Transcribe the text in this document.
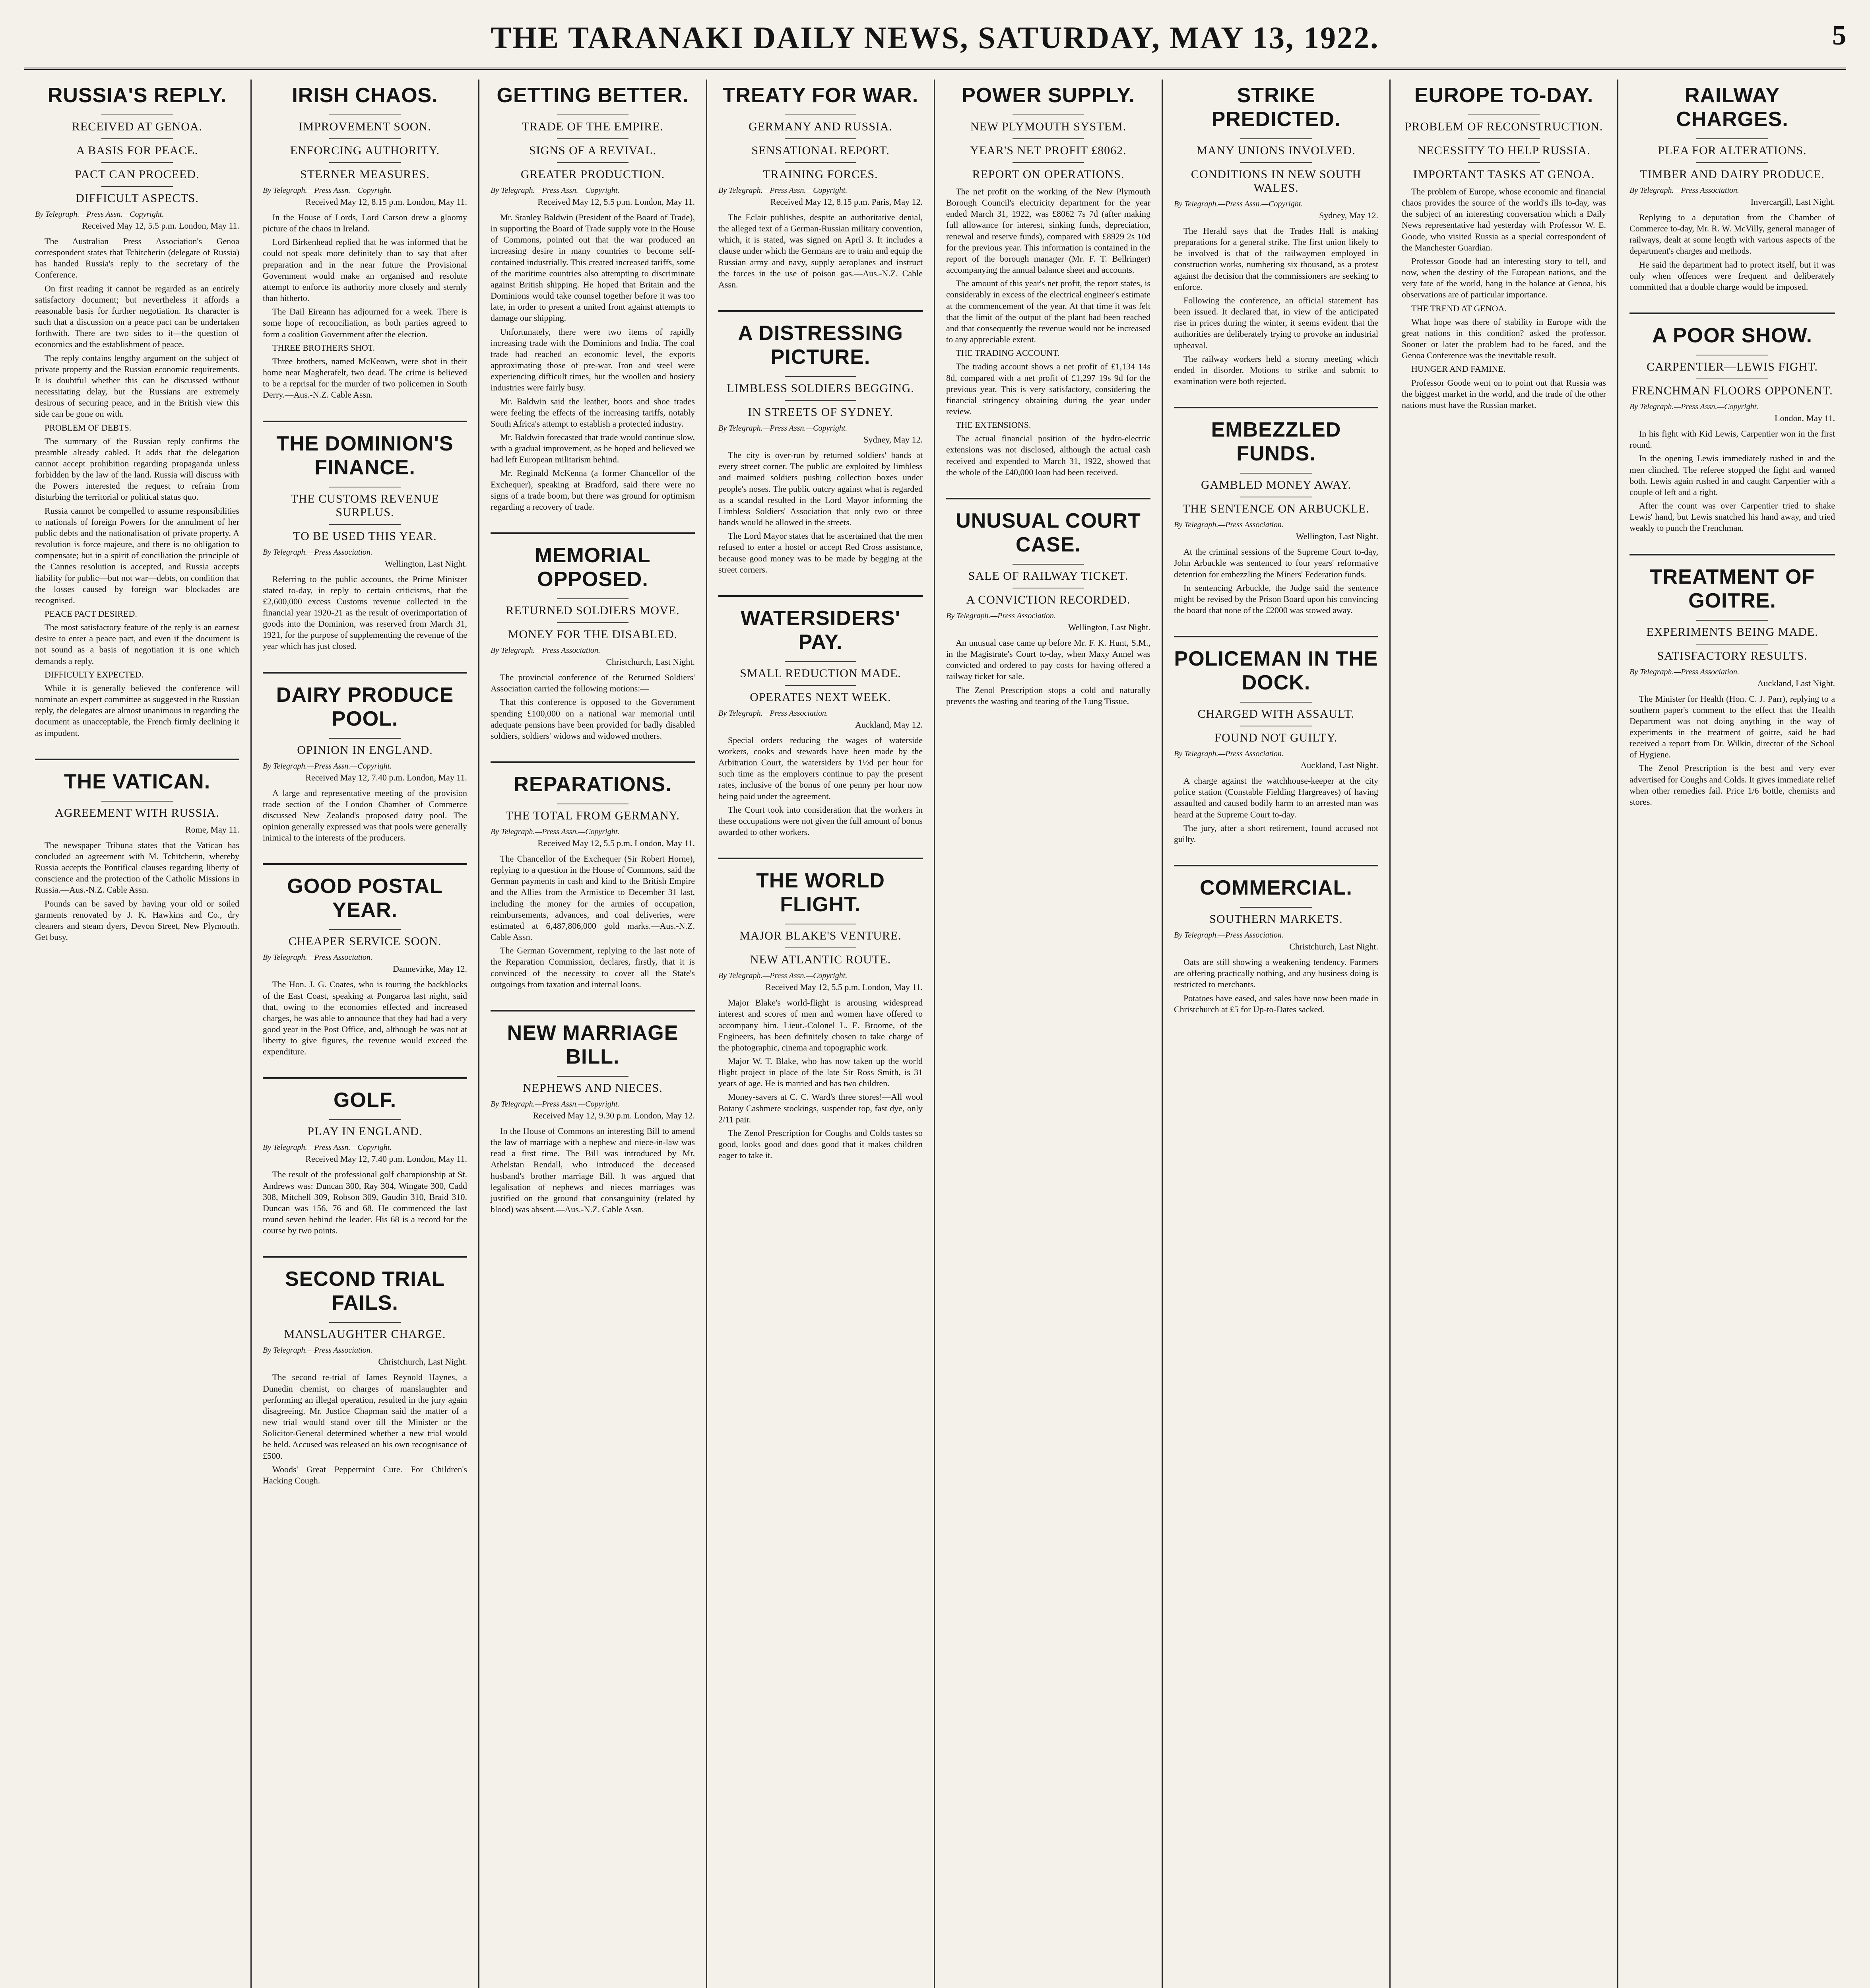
THE TARANAKI DAILY NEWS, SATURDAY, MAY 13, 1922.	5
RUSSIA'S REPLY.
RECEIVED AT GENOA.
A BASIS FOR PEACE.
PACT CAN PROCEED.
DIFFICULT ASPECTS.
By Telegraph.—Press Assn.—Copyright.
Received May 12, 5.5 p.m. London, May 11.

The Australian Press Association's Genoa correspondent states that Tchitcherin (delegate of Russia) has handed Russia's reply to the secretary of the Conference.

On first reading it cannot be regarded as an entirely satisfactory document; but nevertheless it affords a reasonable basis for further negotiation. Its character is such that a discussion on a peace pact can be undertaken forthwith. There are two sides to it—the question of economics and the establishment of peace.

The reply contains lengthy argument on the subject of private property and the Russian economic requirements. It is doubtful whether this can be discussed without necessitating delay, but the Russians are extremely desirous of securing peace, and in the British view this side can be gone on with.

PROBLEM OF DEBTS.

The summary of the Russian reply confirms the preamble already cabled. It adds that the delegation cannot accept prohibition regarding propaganda unless forbidden by the law of the land. Russia will discuss with the Powers interested the request to refrain from disturbing the territorial or political status quo.

Russia cannot be compelled to assume responsibilities to nationals of foreign Powers for the annulment of her public debts and the nationalisation of private property. A revolution is force majeure, and there is no obligation to compensate; but in a spirit of conciliation the principle of the Cannes resolution is accepted, and Russia accepts liability for public—but not war—debts, on condition that the losses caused by foreign war blockades are recognised.

PEACE PACT DESIRED.

The most satisfactory feature of the reply is an earnest desire to enter a peace pact, and even if the document is not sound as a basis of negotiation it is one which demands a reply.

DIFFICULTY EXPECTED.

While it is generally believed the conference will nominate an expert committee as suggested in the Russian reply, the delegates are almost unanimous in regarding the document as unacceptable, the French firmly declining it as impudent.

THE VATICAN.
AGREEMENT WITH RUSSIA.
Rome, May 11.

The newspaper Tribuna states that the Vatican has concluded an agreement with M. Tchitcherin, whereby Russia accepts the Pontifical clauses regarding liberty of conscience and the protection of the Catholic Missions in Russia.—Aus.-N.Z. Cable Assn.

Pounds can be saved by having your old or soiled garments renovated by J. K. Hawkins and Co., dry cleaners and steam dyers, Devon Street, New Plymouth. Get busy.

IRISH CHAOS.
IMPROVEMENT SOON.
ENFORCING AUTHORITY.
STERNER MEASURES.
By Telegraph.—Press Assn.—Copyright.
Received May 12, 8.15 p.m. London, May 11.

In the House of Lords, Lord Carson drew a gloomy picture of the chaos in Ireland.

Lord Birkenhead replied that he was informed that he could not speak more definitely than to say that after preparation and in the near future the Provisional Government would make an organised and resolute attempt to enforce its authority more closely and sternly than hitherto.

The Dail Eireann has adjourned for a week. There is some hope of reconciliation, as both parties agreed to form a coalition Government after the election.

THREE BROTHERS SHOT.

Three brothers, named McKeown, were shot in their home near Magherafelt, two dead. The crime is believed to be a reprisal for the murder of two policemen in South Derry.—Aus.-N.Z. Cable Assn.

THE DOMINION'S FINANCE.
THE CUSTOMS REVENUE SURPLUS.
TO BE USED THIS YEAR.
By Telegraph.—Press Association.
Wellington, Last Night.

Referring to the public accounts, the Prime Minister stated to-day, in reply to certain criticisms, that the £2,600,000 excess Customs revenue collected in the financial year 1920-21 as the result of overimportation of goods into the Dominion, was reserved from March 31, 1921, for the purpose of supplementing the revenue of the year which has just closed.

DAIRY PRODUCE POOL.
OPINION IN ENGLAND.
By Telegraph.—Press Assn.—Copyright.
Received May 12, 7.40 p.m. London, May 11.

A large and representative meeting of the provision trade section of the London Chamber of Commerce discussed New Zealand's proposed dairy pool. The opinion generally expressed was that pools were generally inimical to the interests of the producers.

GOOD POSTAL YEAR.
CHEAPER SERVICE SOON.
By Telegraph.—Press Association.
Dannevirke, May 12.

The Hon. J. G. Coates, who is touring the backblocks of the East Coast, speaking at Pongaroa last night, said that, owing to the economies effected and increased charges, he was able to announce that they had had a very good year in the Post Office, and, although he was not at liberty to give figures, the revenue would exceed the expenditure.

GOLF.
PLAY IN ENGLAND.
By Telegraph.—Press Assn.—Copyright.
Received May 12, 7.40 p.m. London, May 11.

The result of the professional golf championship at St. Andrews was: Duncan 300, Ray 304, Wingate 300, Cadd 308, Mitchell 309, Robson 309, Gaudin 310, Braid 310. Duncan was 156, 76 and 68. He commenced the last round seven behind the leader. His 68 is a record for the course by two points.

SECOND TRIAL FAILS.
MANSLAUGHTER CHARGE.
By Telegraph.—Press Association.
Christchurch, Last Night.

The second re-trial of James Reynold Haynes, a Dunedin chemist, on charges of manslaughter and performing an illegal operation, resulted in the jury again disagreeing. Mr. Justice Chapman said the matter of a new trial would stand over till the Minister or the Solicitor-General determined whether a new trial would be held. Accused was released on his own recognisance of £500.

Woods' Great Peppermint Cure. For Children's Hacking Cough.

GETTING BETTER.
TRADE OF THE EMPIRE.
SIGNS OF A REVIVAL.
GREATER PRODUCTION.
By Telegraph.—Press Assn.—Copyright.
Received May 12, 5.5 p.m. London, May 11.

Mr. Stanley Baldwin (President of the Board of Trade), in supporting the Board of Trade supply vote in the House of Commons, pointed out that the war produced an increasing desire in many countries to become self-contained industrially. This created increased tariffs, some of the maritime countries also attempting to discriminate against British shipping. He hoped that Britain and the Dominions would take counsel together before it was too late, in order to present a united front against attempts to damage our shipping.

Unfortunately, there were two items of rapidly increasing trade with the Dominions and India. The coal trade had reached an economic level, the exports approximating those of pre-war. Iron and steel were experiencing difficult times, but the woollen and hosiery industries were fairly busy.

Mr. Baldwin said the leather, boots and shoe trades were feeling the effects of the increasing tariffs, notably South Africa's attempt to establish a protected industry.

Mr. Baldwin forecasted that trade would continue slow, with a gradual improvement, as he hoped and believed we had left European militarism behind.

Mr. Reginald McKenna (a former Chancellor of the Exchequer), speaking at Bradford, said there were no signs of a trade boom, but there was ground for optimism regarding a recovery of trade.

MEMORIAL OPPOSED.
RETURNED SOLDIERS MOVE.
MONEY FOR THE DISABLED.
By Telegraph.—Press Association.
Christchurch, Last Night.

The provincial conference of the Returned Soldiers' Association carried the following motions:—

That this conference is opposed to the Government spending £100,000 on a national war memorial until adequate pensions have been provided for badly disabled soldiers, soldiers' widows and widowed mothers.

REPARATIONS.
THE TOTAL FROM GERMANY.
By Telegraph.—Press Assn.—Copyright.
Received May 12, 5.5 p.m. London, May 11.

The Chancellor of the Exchequer (Sir Robert Horne), replying to a question in the House of Commons, said the German payments in cash and kind to the British Empire and the Allies from the Armistice to December 31 last, including the money for the armies of occupation, reimbursements, advances, and coal deliveries, were estimated at 6,487,806,000 gold marks.—Aus.-N.Z. Cable Assn.

The German Government, replying to the last note of the Reparation Commission, declares, firstly, that it is convinced of the necessity to cover all the State's outgoings from taxation and internal loans.

NEW MARRIAGE BILL.
NEPHEWS AND NIECES.
By Telegraph.—Press Assn.—Copyright.
Received May 12, 9.30 p.m. London, May 12.

In the House of Commons an interesting Bill to amend the law of marriage with a nephew and niece-in-law was read a first time. The Bill was introduced by Mr. Athelstan Rendall, who introduced the deceased husband's brother marriage Bill. It was argued that legalisation of nephews and nieces marriages was justified on the ground that consanguinity (related by blood) was absent.—Aus.-N.Z. Cable Assn.

TREATY FOR WAR.
GERMANY AND RUSSIA.
SENSATIONAL REPORT.
TRAINING FORCES.
By Telegraph.—Press Assn.—Copyright.
Received May 12, 8.15 p.m. Paris, May 12.

The Eclair publishes, despite an authoritative denial, the alleged text of a German-Russian military convention, which, it is stated, was signed on April 3. It includes a clause under which the Germans are to train and equip the Russian army and navy, supply aeroplanes and instruct the forces in the use of poison gas.—Aus.-N.Z. Cable Assn.

A DISTRESSING PICTURE.
LIMBLESS SOLDIERS BEGGING.
IN STREETS OF SYDNEY.
By Telegraph.—Press Assn.—Copyright.
Sydney, May 12.

The city is over-run by returned soldiers' bands at every street corner. The public are exploited by limbless and maimed soldiers pushing collection boxes under people's noses. The public outcry against what is regarded as a scandal resulted in the Lord Mayor informing the Limbless Soldiers' Association that only two or three bands would be allowed in the streets.

The Lord Mayor states that he ascertained that the men refused to enter a hostel or accept Red Cross assistance, because good money was to be made by begging at the street corners.

WATERSIDERS' PAY.
SMALL REDUCTION MADE.
OPERATES NEXT WEEK.
By Telegraph.—Press Association.
Auckland, May 12.

Special orders reducing the wages of waterside workers, cooks and stewards have been made by the Arbitration Court, the watersiders by 1½d per hour for such time as the employers continue to pay the present rates, inclusive of the bonus of one penny per hour now being paid under the agreement.

The Court took into consideration that the workers in these occupations were not given the full amount of bonus awarded to other workers.

THE WORLD FLIGHT.
MAJOR BLAKE'S VENTURE.
NEW ATLANTIC ROUTE.
By Telegraph.—Press Assn.—Copyright.
Received May 12, 5.5 p.m. London, May 11.

Major Blake's world-flight is arousing widespread interest and scores of men and women have offered to accompany him. Lieut.-Colonel L. E. Broome, of the Engineers, has been definitely chosen to take charge of the photographic, cinema and topographic work.

Major W. T. Blake, who has now taken up the world flight project in place of the late Sir Ross Smith, is 31 years of age. He is married and has two children.

Money-savers at C. C. Ward's three stores!—All wool Botany Cashmere stockings, suspender top, fast dye, only 2/11 pair.

The Zenol Prescription for Coughs and Colds tastes so good, looks good and does good that it makes children eager to take it.

POWER SUPPLY.
NEW PLYMOUTH SYSTEM.
YEAR'S NET PROFIT £8062.
REPORT ON OPERATIONS.

The net profit on the working of the New Plymouth Borough Council's electricity department for the year ended March 31, 1922, was £8062 7s 7d (after making full allowance for interest, sinking funds, depreciation, renewal and reserve funds), compared with £8929 2s 10d for the previous year. This information is contained in the report of the borough manager (Mr. F. T. Bellringer) accompanying the annual balance sheet and accounts.

The amount of this year's net profit, the report states, is considerably in excess of the electrical engineer's estimate at the commencement of the year. At that time it was felt that the limit of the output of the plant had been reached and that consequently the revenue would not be increased to any appreciable extent.

THE TRADING ACCOUNT.

The trading account shows a net profit of £1,134 14s 8d, compared with a net profit of £1,297 19s 9d for the previous year. This is very satisfactory, considering the financial stringency obtaining during the year under review.

THE EXTENSIONS.

The actual financial position of the hydro-electric extensions was not disclosed, although the actual cash received and expended to March 31, 1922, showed that the whole of the £40,000 loan had been received.

UNUSUAL COURT CASE.
SALE OF RAILWAY TICKET.
A CONVICTION RECORDED.
By Telegraph.—Press Association.
Wellington, Last Night.

An unusual case came up before Mr. F. K. Hunt, S.M., in the Magistrate's Court to-day, when Maxy Annel was convicted and ordered to pay costs for having offered a railway ticket for sale.

The Zenol Prescription stops a cold and naturally prevents the wasting and tearing of the Lung Tissue.

STRIKE PREDICTED.
MANY UNIONS INVOLVED.
CONDITIONS IN NEW SOUTH WALES.
By Telegraph.—Press Assn.—Copyright.
Sydney, May 12.

The Herald says that the Trades Hall is making preparations for a general strike. The first union likely to be involved is that of the railwaymen employed in construction works, numbering six thousand, as a protest against the decision that the commissioners are seeking to enforce.

Following the conference, an official statement has been issued. It declared that, in view of the anticipated rise in prices during the winter, it seems evident that the authorities are deliberately trying to provoke an industrial upheaval.

The railway workers held a stormy meeting which ended in disorder. Motions to strike and submit to examination were both rejected.

EMBEZZLED FUNDS.
GAMBLED MONEY AWAY.
THE SENTENCE ON ARBUCKLE.
By Telegraph.—Press Association.
Wellington, Last Night.

At the criminal sessions of the Supreme Court to-day, John Arbuckle was sentenced to four years' reformative detention for embezzling the Miners' Federation funds.

In sentencing Arbuckle, the Judge said the sentence might be revised by the Prison Board upon his convincing the board that none of the £2000 was stowed away.

POLICEMAN IN THE DOCK.
CHARGED WITH ASSAULT.
FOUND NOT GUILTY.
By Telegraph.—Press Association.
Auckland, Last Night.

A charge against the watchhouse-keeper at the city police station (Constable Fielding Hargreaves) of having assaulted and caused bodily harm to an arrested man was heard at the Supreme Court to-day.

The jury, after a short retirement, found accused not guilty.

COMMERCIAL.
SOUTHERN MARKETS.
By Telegraph.—Press Association.
Christchurch, Last Night.

Oats are still showing a weakening tendency. Farmers are offering practically nothing, and any business doing is restricted to merchants.

Potatoes have eased, and sales have now been made in Christchurch at £5 for Up-to-Dates sacked.

EUROPE TO-DAY.
PROBLEM OF RECONSTRUCTION.
NECESSITY TO HELP RUSSIA.
IMPORTANT TASKS AT GENOA.

The problem of Europe, whose economic and financial chaos provides the source of the world's ills to-day, was the subject of an interesting conversation which a Daily News representative had yesterday with Professor W. E. Goode, who visited Russia as a special correspondent of the Manchester Guardian.

Professor Goode had an interesting story to tell, and now, when the destiny of the European nations, and the very fate of the world, hang in the balance at Genoa, his observations are of particular importance.

THE TREND AT GENOA.

What hope was there of stability in Europe with the great nations in this condition? asked the professor. Sooner or later the problem had to be faced, and the Genoa Conference was the inevitable result.

HUNGER AND FAMINE.

Professor Goode went on to point out that Russia was the biggest market in the world, and the trade of the other nations must have the Russian market.

RAILWAY CHARGES.
PLEA FOR ALTERATIONS.
TIMBER AND DAIRY PRODUCE.
By Telegraph.—Press Association.
Invercargill, Last Night.

Replying to a deputation from the Chamber of Commerce to-day, Mr. R. W. McVilly, general manager of railways, dealt at some length with various aspects of the department's charges and methods.

He said the department had to protect itself, but it was only when offences were frequent and deliberately committed that a double charge would be imposed.

A POOR SHOW.
CARPENTIER—LEWIS FIGHT.
FRENCHMAN FLOORS OPPONENT.
By Telegraph.—Press Assn.—Copyright.
London, May 11.

In his fight with Kid Lewis, Carpentier won in the first round.

In the opening Lewis immediately rushed in and the men clinched. The referee stopped the fight and warned both. Lewis again rushed in and caught Carpentier with a couple of left and a right.

After the count was over Carpentier tried to shake Lewis' hand, but Lewis snatched his hand away, and tried weakly to punch the Frenchman.

TREATMENT OF GOITRE.
EXPERIMENTS BEING MADE.
SATISFACTORY RESULTS.
By Telegraph.—Press Association.
Auckland, Last Night.

The Minister for Health (Hon. C. J. Parr), replying to a southern paper's comment to the effect that the Health Department was not doing anything in the way of experiments in the treatment of goitre, said he had received a report from Dr. Wilkin, director of the School of Hygiene.

The Zenol Prescription is the best and very ever advertised for Coughs and Colds. It gives immediate relief when other remedies fail. Price 1/6 bottle, chemists and stores.
